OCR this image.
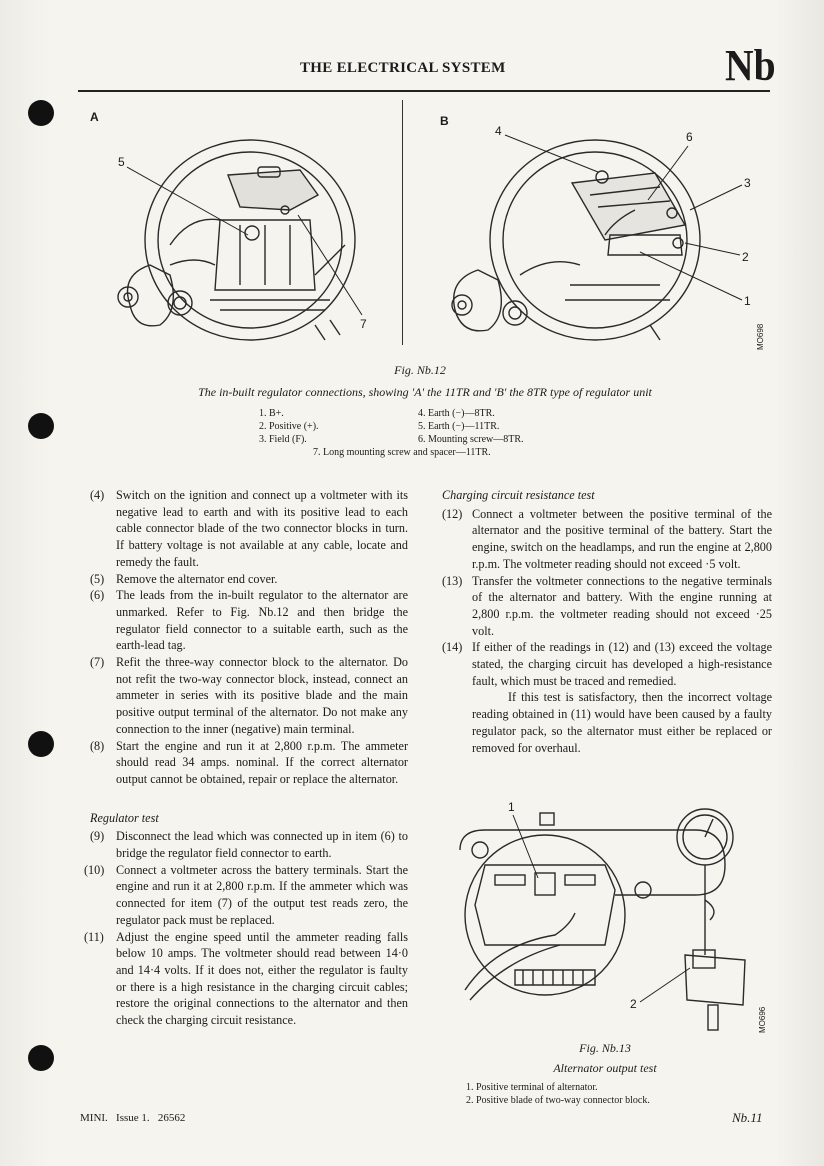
THE ELECTRICAL SYSTEM	Nb
A	B
5
7
4	6
3
2
1
MO698
Fig. Nb.12
The in-built regulator connections, showing 'A' the 11TR and 'B' the 8TR type of regulator unit
1. B+.
2. Positive (+).
3. Field (F).
4. Earth (−)—8TR.
5. Earth (−)—11TR.
6. Mounting screw—8TR.
7. Long mounting screw and spacer—11TR.
(4) Switch on the ignition and connect up a voltmeter with its negative lead to earth and with its positive lead to each cable connector blade of the two connector blocks in turn. If battery voltage is not available at any cable, locate and remedy the fault.
(5) Remove the alternator end cover.
(6) The leads from the in-built regulator to the alternator are unmarked. Refer to Fig. Nb.12 and then bridge the regulator field connector to a suitable earth, such as the earth-lead tag.
(7) Refit the three-way connector block to the alternator. Do not refit the two-way connector block, instead, connect an ammeter in series with its positive blade and the main positive output terminal of the alternator. Do not make any connection to the inner (negative) main terminal.
(8) Start the engine and run it at 2,800 r.p.m. The ammeter should read 34 amps. nominal. If the correct alternator output cannot be obtained, repair or replace the alternator.
Regulator test
(9) Disconnect the lead which was connected up in item (6) to bridge the regulator field connector to earth.
(10) Connect a voltmeter across the battery terminals. Start the engine and run it at 2,800 r.p.m. If the ammeter which was connected for item (7) of the output test reads zero, the regulator pack must be replaced.
(11) Adjust the engine speed until the ammeter reading falls below 10 amps. The voltmeter should read between 14·0 and 14·4 volts. If it does not, either the regulator is faulty or there is a high resistance in the charging circuit cables; restore the original connections to the alternator and then check the charging circuit resistance.
Charging circuit resistance test
(12) Connect a voltmeter between the positive terminal of the alternator and the positive terminal of the battery. Start the engine, switch on the headlamps, and run the engine at 2,800 r.p.m. The voltmeter reading should not exceed ·5 volt.
(13) Transfer the voltmeter connections to the negative terminals of the alternator and battery. With the engine running at 2,800 r.p.m. the voltmeter reading should not exceed ·25 volt.
(14) If either of the readings in (12) and (13) exceed the voltage stated, the charging circuit has developed a high-resistance fault, which must be traced and remedied.
If this test is satisfactory, then the incorrect voltage reading obtained in (11) would have been caused by a faulty regulator pack, so the alternator must either be replaced or removed for overhaul.
1
2
MO696
Fig. Nb.13
Alternator output test
1. Positive terminal of alternator.
2. Positive blade of two-way connector block.
MINI.   Issue 1.   26562	Nb.11
